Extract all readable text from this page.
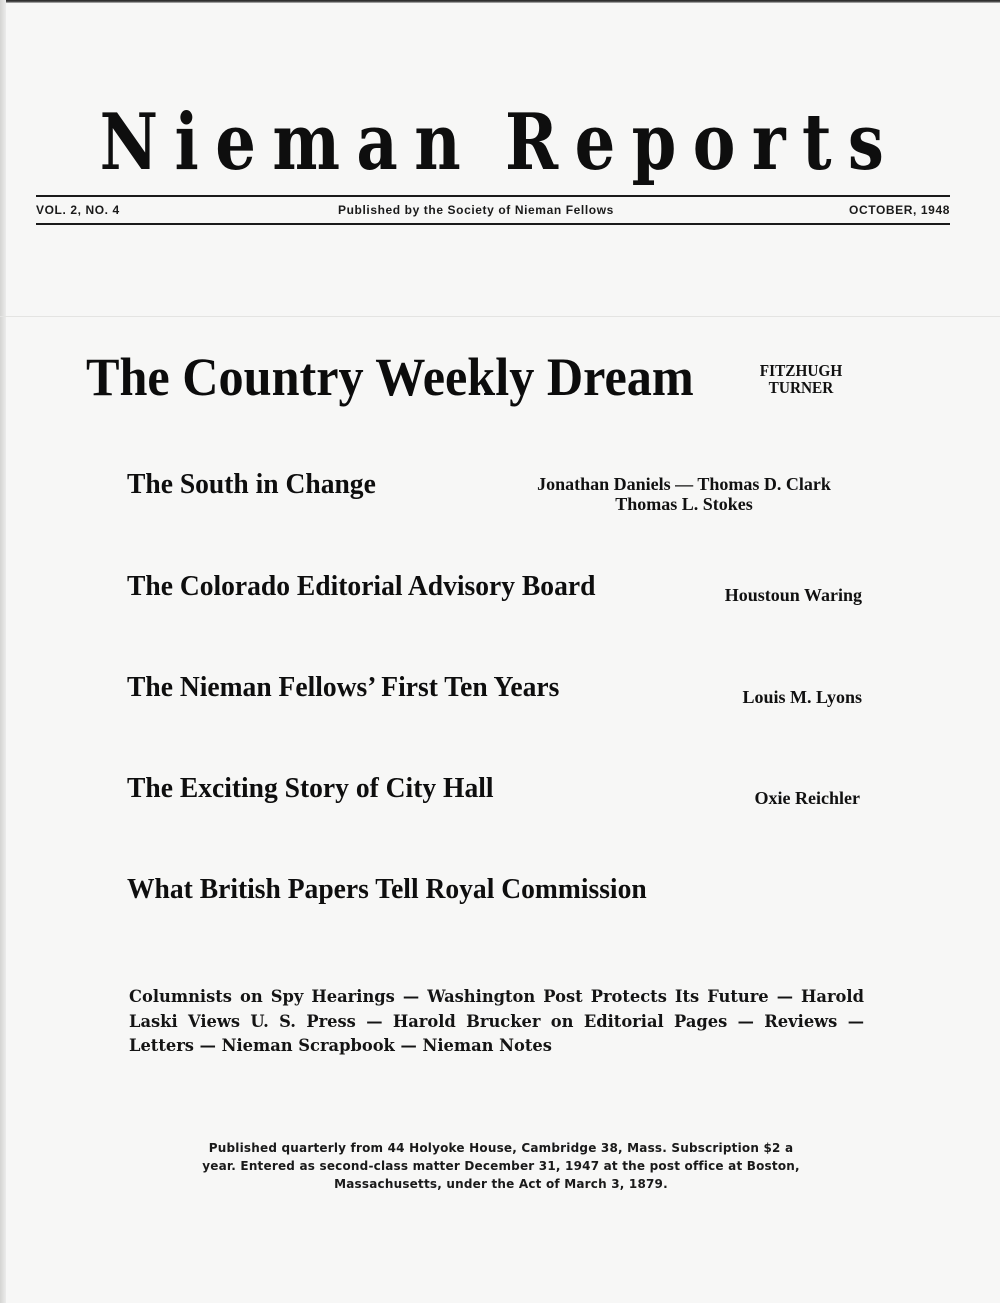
Nieman Reports
VOL. 2, NO. 4	Published by the Society of Nieman Fellows	OCTOBER, 1948
The Country Weekly Dream	FITZHUGH
TURNER
The South in Change	Jonathan Daniels — Thomas D. Clark
Thomas L. Stokes
The Colorado Editorial Advisory Board	Houstoun Waring
The Nieman Fellows’ First Ten Years	Louis M. Lyons
The Exciting Story of City Hall	Oxie Reichler
What British Papers Tell Royal Commission
Columnists on Spy Hearings — Washington Post Protects Its Future — Harold Laski Views U. S. Press — Harold Brucker on Editorial Pages — Reviews — Letters — Nieman Scrapbook — Nieman Notes
Published quarterly from 44 Holyoke House, Cambridge 38, Mass. Subscription $2 a
year. Entered as second-class matter December 31, 1947 at the post office at Boston,
Massachusetts, under the Act of March 3, 1879.
